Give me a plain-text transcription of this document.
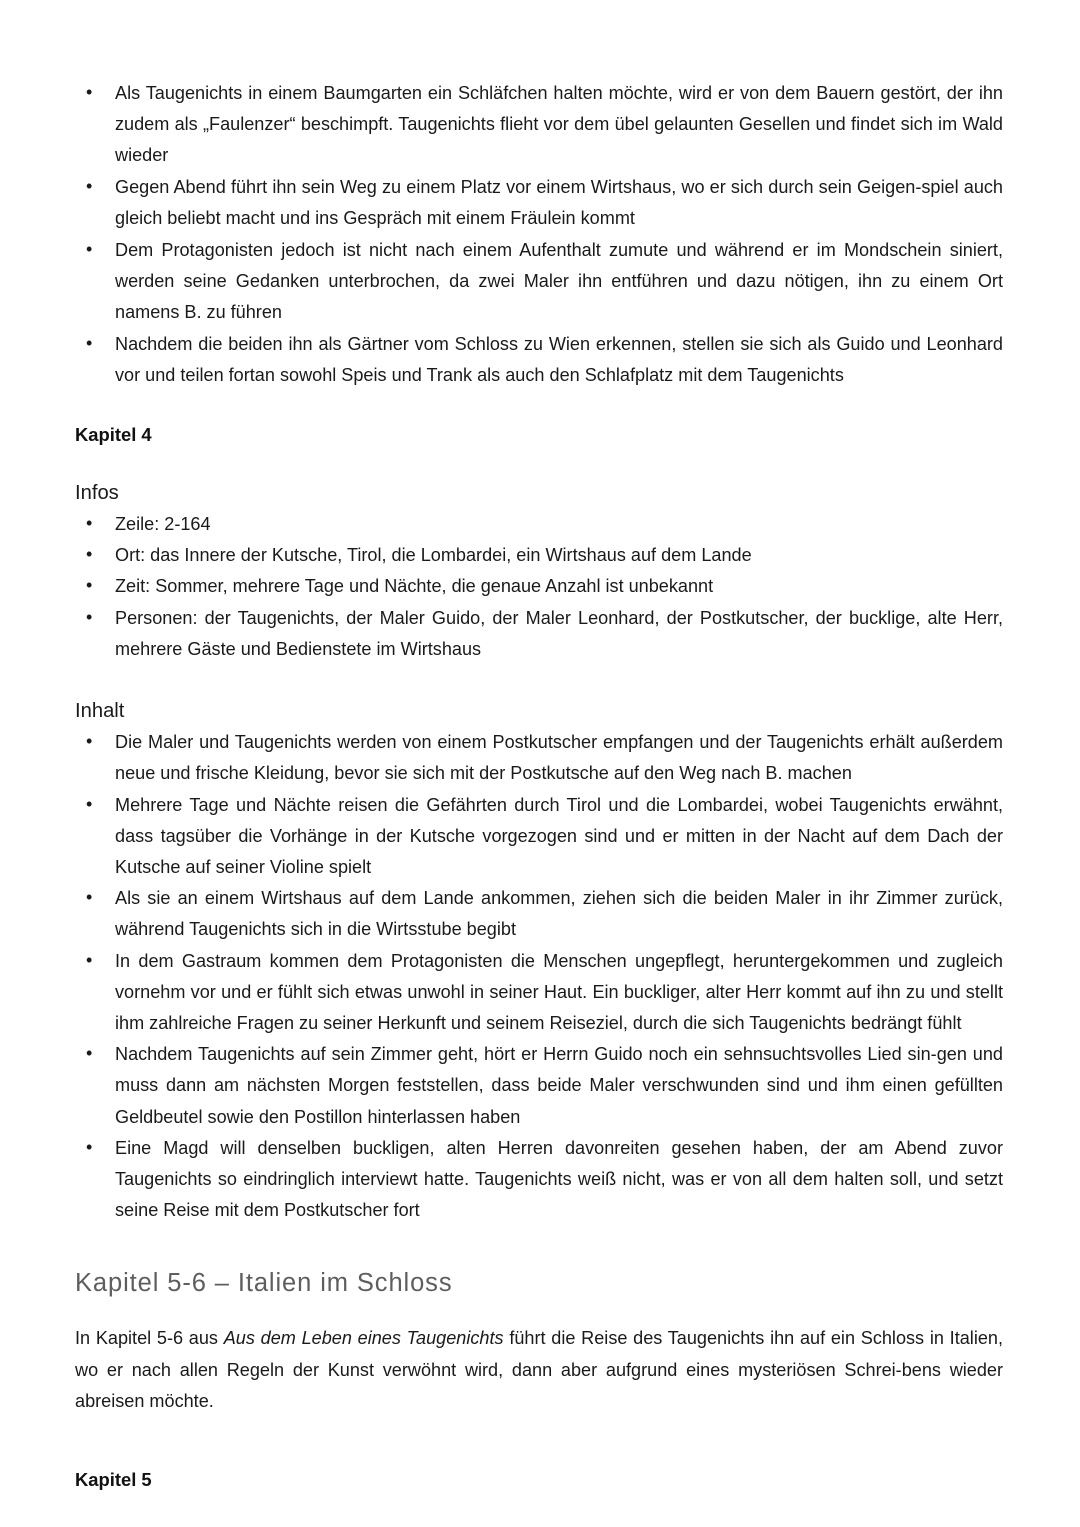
• Als Taugenichts in einem Baumgarten ein Schläfchen halten möchte, wird er von dem Bauern gestört, der ihn zudem als „Faulenzer“ beschimpft. Taugenichts flieht vor dem übel gelaunten Gesellen und findet sich im Wald wieder
• Gegen Abend führt ihn sein Weg zu einem Platz vor einem Wirtshaus, wo er sich durch sein Geigen-spiel auch gleich beliebt macht und ins Gespräch mit einem Fräulein kommt
• Dem Protagonisten jedoch ist nicht nach einem Aufenthalt zumute und während er im Mondschein siniert, werden seine Gedanken unterbrochen, da zwei Maler ihn entführen und dazu nötigen, ihn zu einem Ort namens B. zu führen
• Nachdem die beiden ihn als Gärtner vom Schloss zu Wien erkennen, stellen sie sich als Guido und Leonhard vor und teilen fortan sowohl Speis und Trank als auch den Schlafplatz mit dem Taugenichts
Kapitel 4
Infos
• Zeile: 2-164
• Ort: das Innere der Kutsche, Tirol, die Lombardei, ein Wirtshaus auf dem Lande
• Zeit: Sommer, mehrere Tage und Nächte, die genaue Anzahl ist unbekannt
• Personen: der Taugenichts, der Maler Guido, der Maler Leonhard, der Postkutscher, der bucklige, alte Herr, mehrere Gäste und Bedienstete im Wirtshaus
Inhalt
• Die Maler und Taugenichts werden von einem Postkutscher empfangen und der Taugenichts erhält außerdem neue und frische Kleidung, bevor sie sich mit der Postkutsche auf den Weg nach B. machen
• Mehrere Tage und Nächte reisen die Gefährten durch Tirol und die Lombardei, wobei Taugenichts erwähnt, dass tagsüber die Vorhänge in der Kutsche vorgezogen sind und er mitten in der Nacht auf dem Dach der Kutsche auf seiner Violine spielt
• Als sie an einem Wirtshaus auf dem Lande ankommen, ziehen sich die beiden Maler in ihr Zimmer zurück, während Taugenichts sich in die Wirtsstube begibt
• In dem Gastraum kommen dem Protagonisten die Menschen ungepflegt, heruntergekommen und zugleich vornehm vor und er fühlt sich etwas unwohl in seiner Haut. Ein buckliger, alter Herr kommt auf ihn zu und stellt ihm zahlreiche Fragen zu seiner Herkunft und seinem Reiseziel, durch die sich Taugenichts bedrängt fühlt
• Nachdem Taugenichts auf sein Zimmer geht, hört er Herrn Guido noch ein sehnsuchtsvolles Lied sin-gen und muss dann am nächsten Morgen feststellen, dass beide Maler verschwunden sind und ihm einen gefüllten Geldbeutel sowie den Postillon hinterlassen haben
• Eine Magd will denselben buckligen, alten Herren davonreiten gesehen haben, der am Abend zuvor Taugenichts so eindringlich interviewt hatte. Taugenichts weiß nicht, was er von all dem halten soll, und setzt seine Reise mit dem Postkutscher fort
Kapitel 5-6 – Italien im Schloss

In Kapitel 5-6 aus Aus dem Leben eines Taugenichts führt die Reise des Taugenichts ihn auf ein Schloss in Italien, wo er nach allen Regeln der Kunst verwöhnt wird, dann aber aufgrund eines mysteriösen Schrei-bens wieder abreisen möchte.

Kapitel 5
